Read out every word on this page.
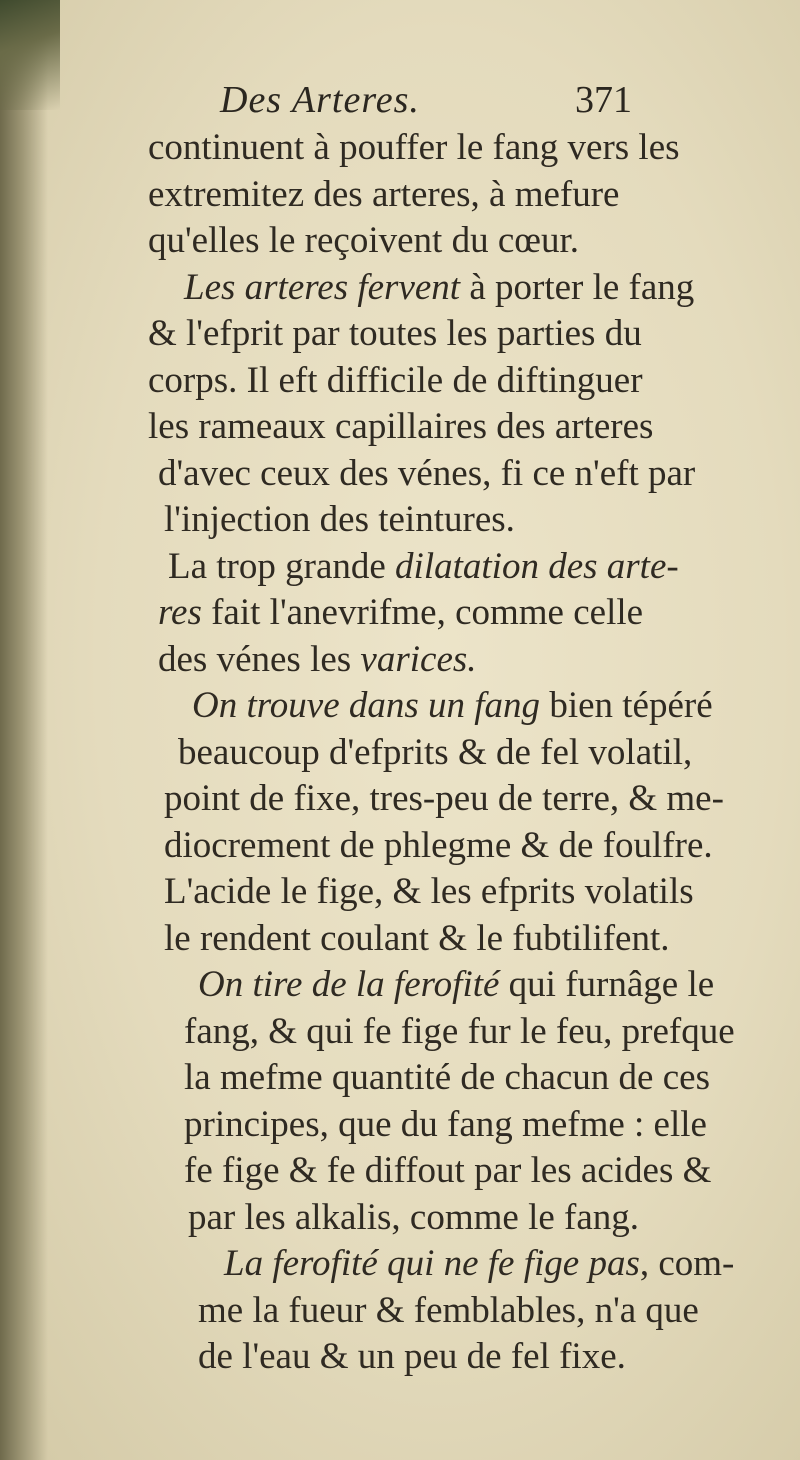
Des Arteres.	371
continuent à pouffer le fang vers les
extremitez des arteres, à mefure
qu'elles le reçoivent du cœur.
Les arteres fervent à porter le fang
& l'efprit par toutes les parties du
corps. Il eft difficile de diftinguer
les rameaux capillaires des arteres
d'avec ceux des vénes, fi ce n'eft par
l'injection des teintures.
La trop grande dilatation des arte-
res fait l'anevrifme, comme celle
des vénes les varices.
On trouve dans un fang bien tépéré
beaucoup d'efprits & de fel volatil,
point de fixe, tres-peu de terre, & me-
diocrement de phlegme & de foulfre.
L'acide le fige, & les efprits volatils
le rendent coulant & le fubtilifent.
On tire de la ferofité qui furnâge le
fang, & qui fe fige fur le feu, prefque
la mefme quantité de chacun de ces
principes, que du fang mefme : elle
fe fige & fe diffout par les acides &
par les alkalis, comme le fang.
La ferofité qui ne fe fige pas, com-
me la fueur & femblables, n'a que
de l'eau & un peu de fel fixe.
